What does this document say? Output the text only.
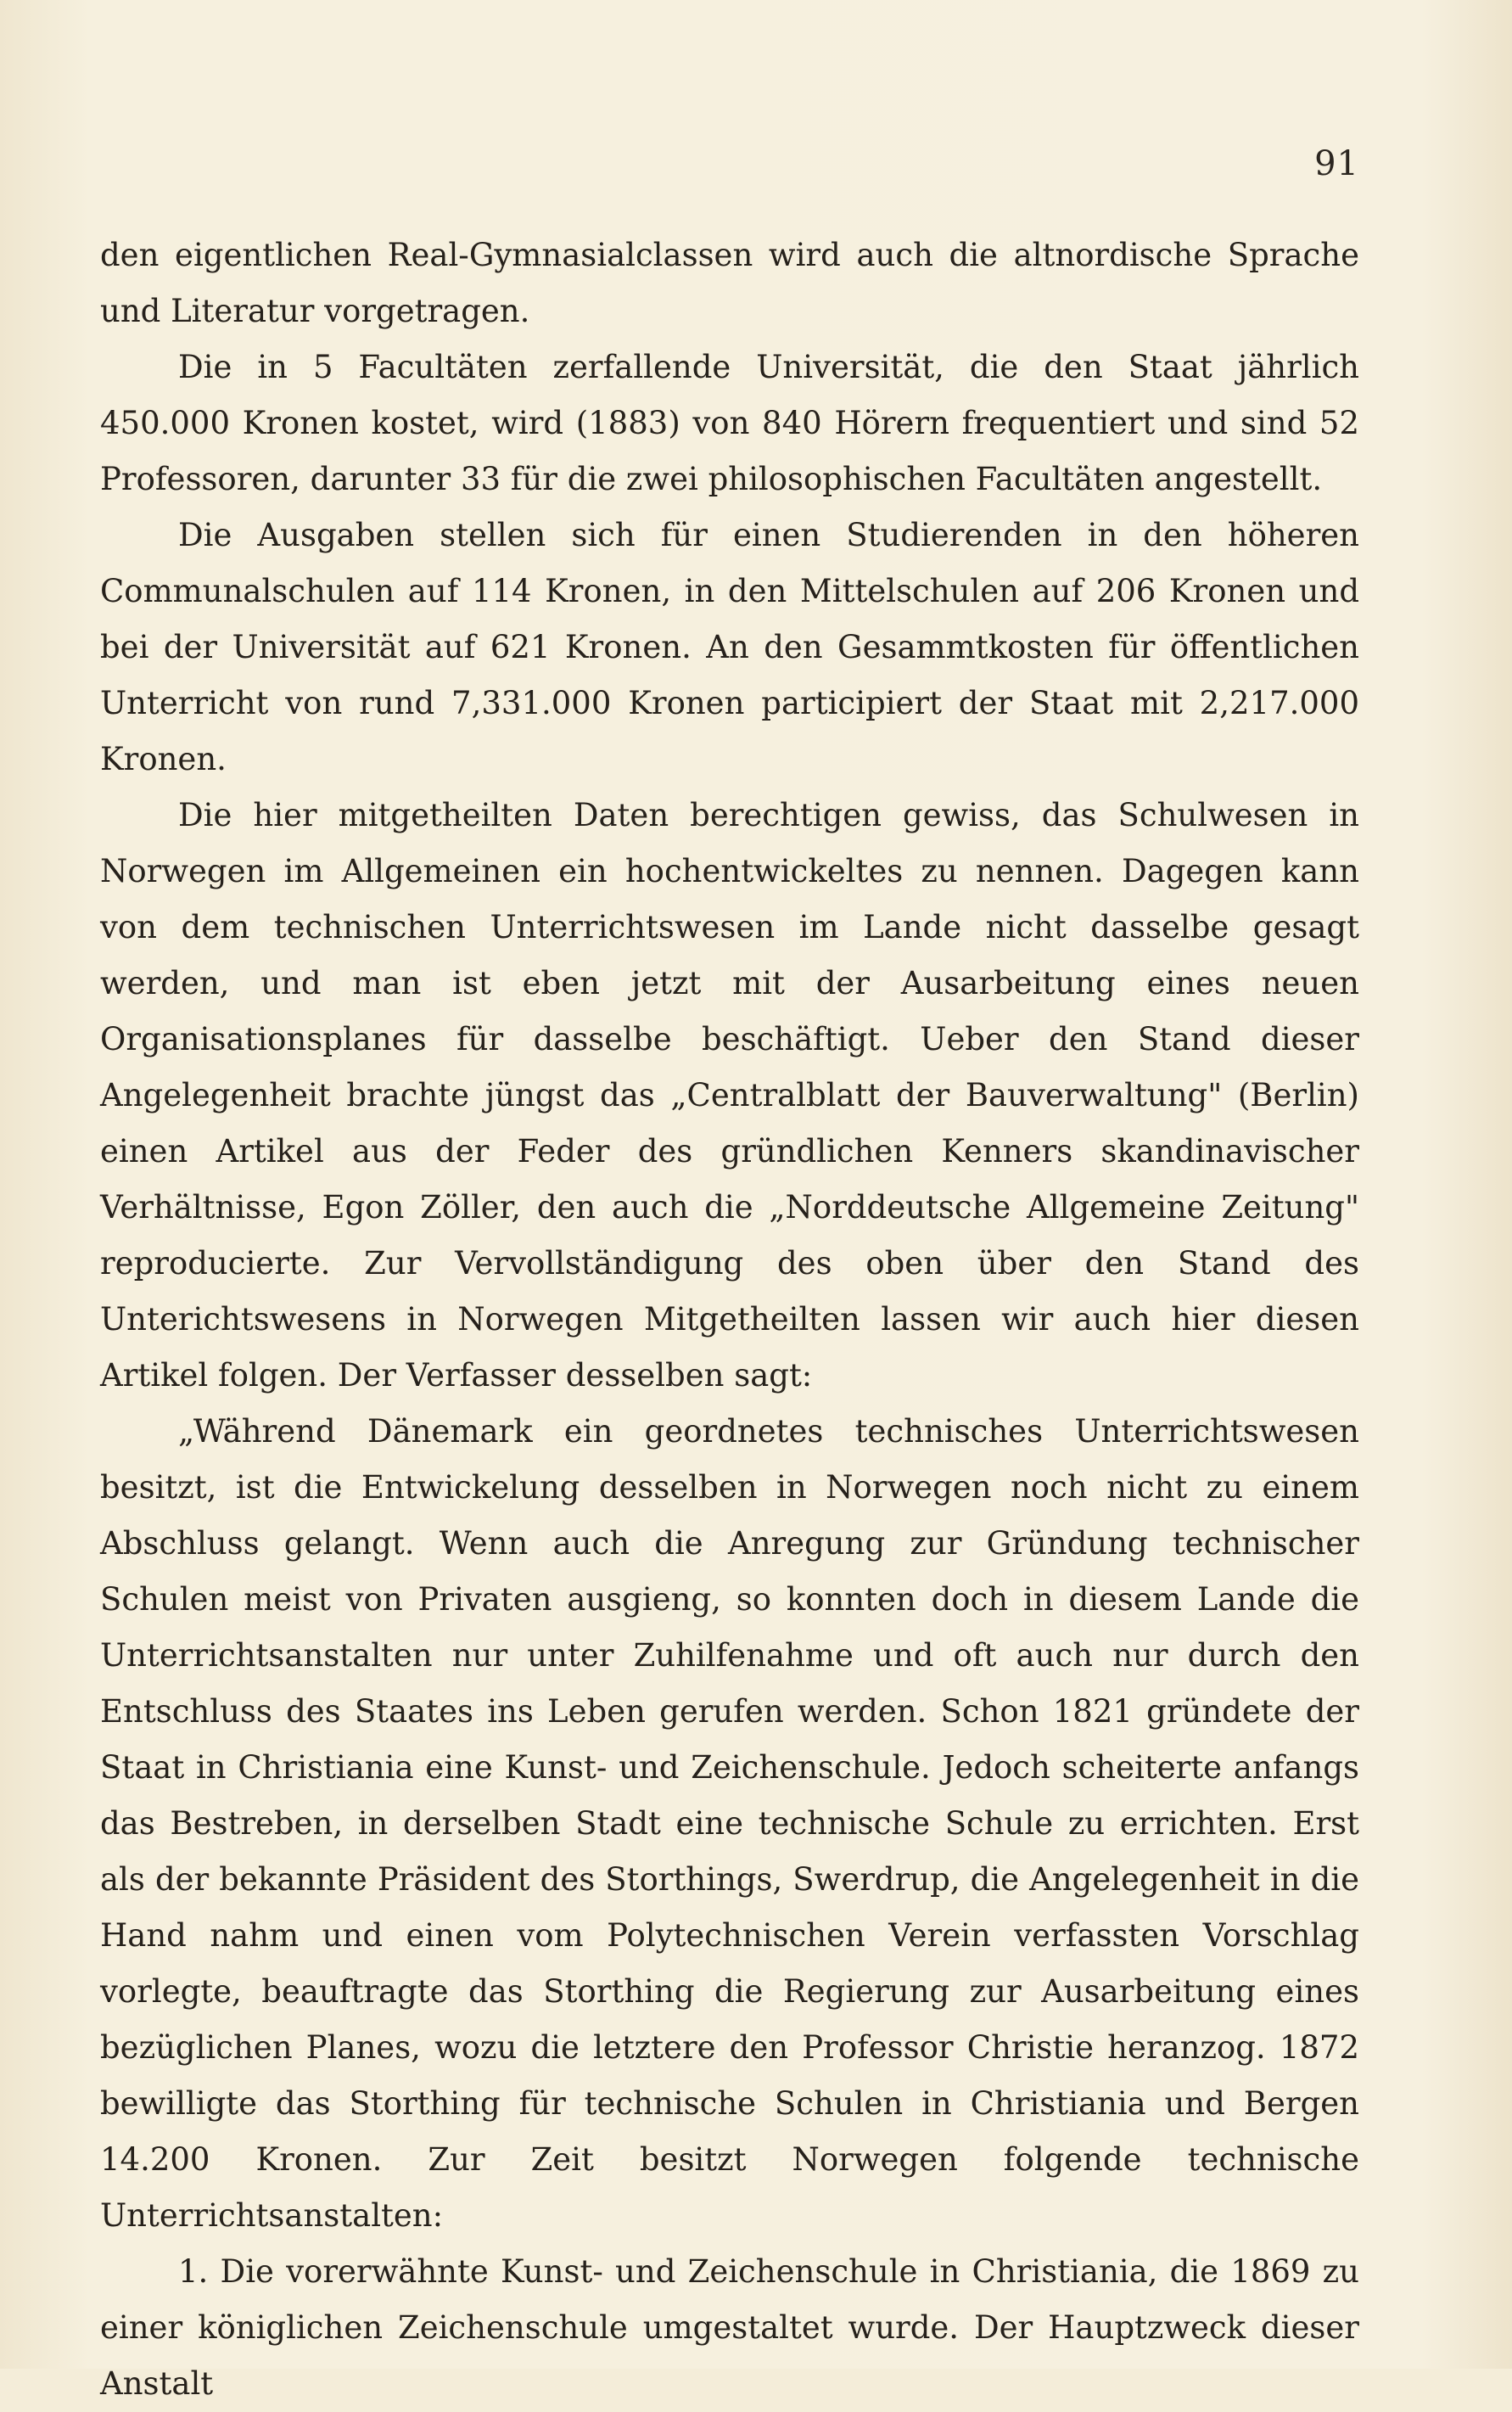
91

den eigentlichen Real-Gymnasialclassen wird auch die altnordische Sprache und Literatur vorgetragen.

Die in 5 Facultäten zerfallende Universität, die den Staat jährlich 450.000 Kronen kostet, wird (1883) von 840 Hörern frequentiert und sind 52 Professoren, darunter 33 für die zwei philosophischen Facultäten angestellt.

Die Ausgaben stellen sich für einen Studierenden in den höheren Communalschulen auf 114 Kronen, in den Mittelschulen auf 206 Kronen und bei der Universität auf 621 Kronen. An den Gesammtkosten für öffentlichen Unterricht von rund 7,331.000 Kronen participiert der Staat mit 2,217.000 Kronen.

Die hier mitgetheilten Daten berechtigen gewiss, das Schulwesen in Norwegen im Allgemeinen ein hochentwickeltes zu nennen. Dagegen kann von dem technischen Unterrichtswesen im Lande nicht dasselbe gesagt werden, und man ist eben jetzt mit der Ausarbeitung eines neuen Organisationsplanes für dasselbe beschäftigt. Ueber den Stand dieser Angelegenheit brachte jüngst das „Centralblatt der Bauverwaltung" (Berlin) einen Artikel aus der Feder des gründlichen Kenners skandinavischer Verhältnisse, Egon Zöller, den auch die „Norddeutsche Allgemeine Zeitung" reproducierte. Zur Vervollständigung des oben über den Stand des Unterichtswesens in Norwegen Mitgetheilten lassen wir auch hier diesen Artikel folgen. Der Verfasser desselben sagt:

„Während Dänemark ein geordnetes technisches Unterrichtswesen besitzt, ist die Entwickelung desselben in Norwegen noch nicht zu einem Abschluss gelangt. Wenn auch die Anregung zur Gründung technischer Schulen meist von Privaten ausgieng, so konnten doch in diesem Lande die Unterrichtsanstalten nur unter Zuhilfenahme und oft auch nur durch den Entschluss des Staates ins Leben gerufen werden. Schon 1821 gründete der Staat in Christiania eine Kunst- und Zeichenschule. Jedoch scheiterte anfangs das Bestreben, in derselben Stadt eine technische Schule zu errichten. Erst als der bekannte Präsident des Storthings, Swerdrup, die Angelegenheit in die Hand nahm und einen vom Polytechnischen Verein verfassten Vorschlag vorlegte, beauftragte das Storthing die Regierung zur Ausarbeitung eines bezüglichen Planes, wozu die letztere den Professor Christie heranzog. 1872 bewilligte das Storthing für technische Schulen in Christiania und Bergen 14.200 Kronen. Zur Zeit besitzt Norwegen folgende technische Unterrichtsanstalten:

1. Die vorerwähnte Kunst- und Zeichenschule in Christiania, die 1869 zu einer königlichen Zeichenschule umgestaltet wurde. Der Hauptzweck dieser Anstalt
